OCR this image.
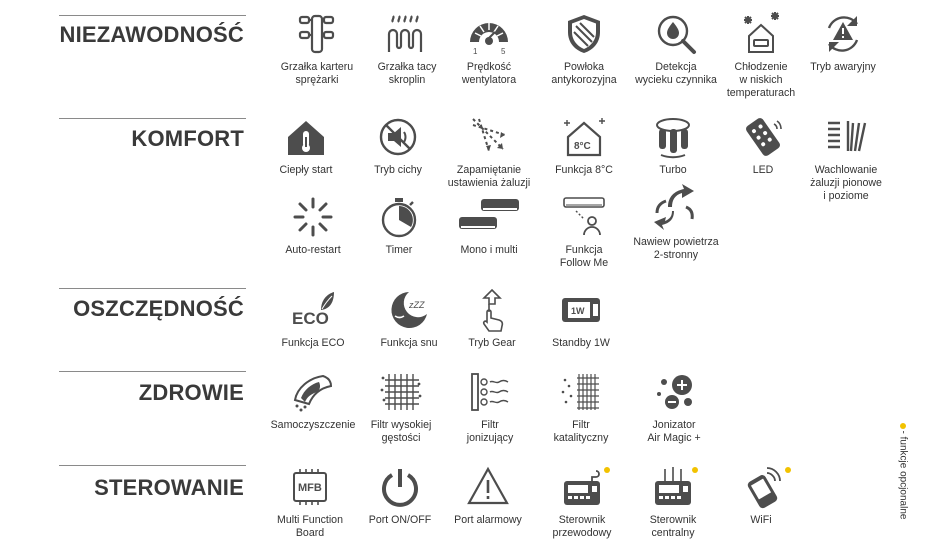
NIEZAWODNOŚĆ
KOMFORT
OSZCZĘDNOŚĆ
ZDROWIE
STEROWANIE
Grzałka karteru
sprężarki
Grzałka tacy
skroplin
1	5
Prędkość
wentylatora
Powłoka
antykorozyjna
Detekcja
wycieku czynnika
Chłodzenie
w niskich
temperaturach
Tryb awaryjny
Ciepły start	Tryb cichy	Zapamiętanie
ustawienia żaluzji
8°C
Funkcja 8°C	Turbo	LED	Wachlowanie
żaluzji pionowe
i poziome
Auto-restart	Timer	Mono i multi	Funkcja
Follow Me
Nawiew powietrza
2-stronny
ECO
Funkcja ECO
zZZ
Funkcja snu	Tryb Gear
1W
Standby 1W
Samoczyszczenie	Filtr wysokiej
gęstości
Filtr
jonizujący
Filtr
katalityczny
Jonizator
Air Magic +
MFB
Multi Function
Board
Port ON/OFF	Port alarmowy	Sterownik
przewodowy
Sterownik
centralny
WiFi
- funkcje opcjonalne
